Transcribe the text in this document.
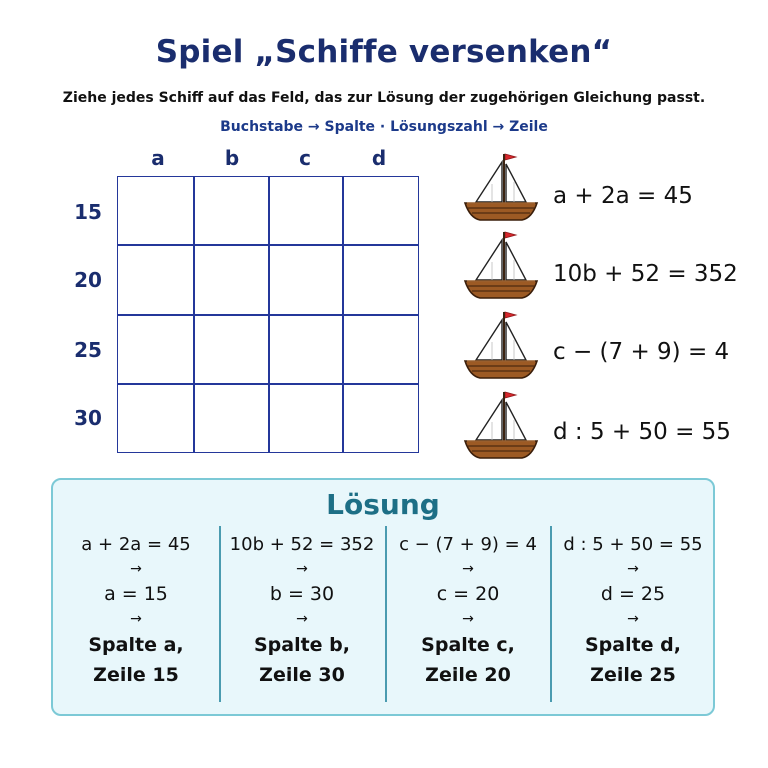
Spiel „Schiffe versenken“
Ziehe jedes Schiff auf das Feld, das zur Lösung der zugehörigen Gleichung passt.
Buchstabe → Spalte · Lösungszahl → Zeile
a	b	c	d
15
20
25
30
a + 2a = 45
10b + 52 = 352
c − (7 + 9) = 4
d : 5 + 50 = 55
Lösung
a + 2a = 45
→
a = 15
→
Spalte a,
Zeile 15
10b + 52 = 352
→
b = 30
→
Spalte b,
Zeile 30
c − (7 + 9) = 4
→
c = 20
→
Spalte c,
Zeile 20
d : 5 + 50 = 55
→
d = 25
→
Spalte d,
Zeile 25
